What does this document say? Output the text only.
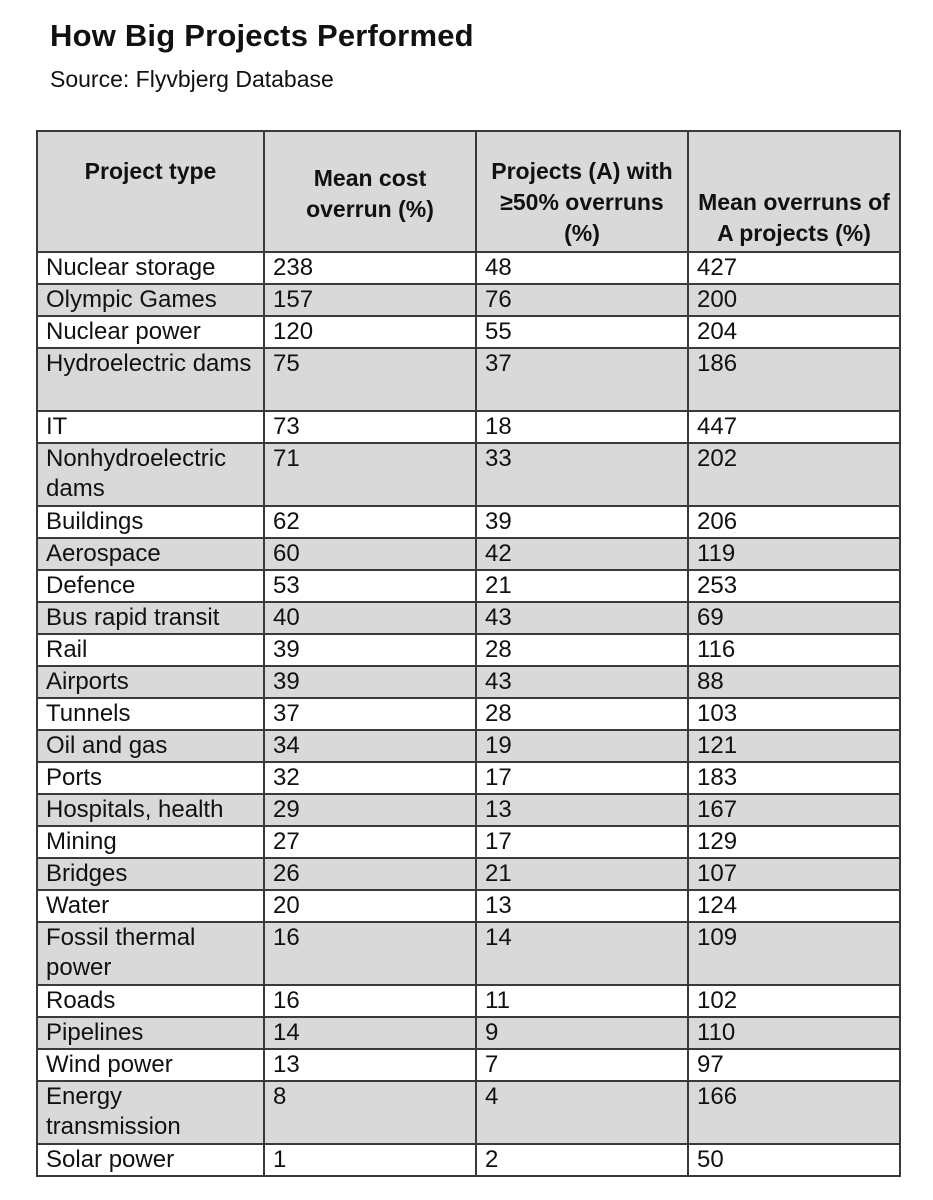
How Big Projects Performed

Source: Flyvbjerg Database

Project type	Mean cost overrun (%)	Projects (A) with ≥50% overruns (%)	Mean overruns of A projects (%)
Nuclear storage	238	48	427
Olympic Games	157	76	200
Nuclear power	120	55	204
Hydroelectric dams	75	37	186
IT	73	18	447
Nonhydroelectric dams	71	33	202
Buildings	62	39	206
Aerospace	60	42	119
Defence	53	21	253
Bus rapid transit	40	43	69
Rail	39	28	116
Airports	39	43	88
Tunnels	37	28	103
Oil and gas	34	19	121
Ports	32	17	183
Hospitals, health	29	13	167
Mining	27	17	129
Bridges	26	21	107
Water	20	13	124
Fossil thermal power	16	14	109
Roads	16	11	102
Pipelines	14	9	110
Wind power	13	7	97
Energy transmission	8	4	166
Solar power	1	2	50
